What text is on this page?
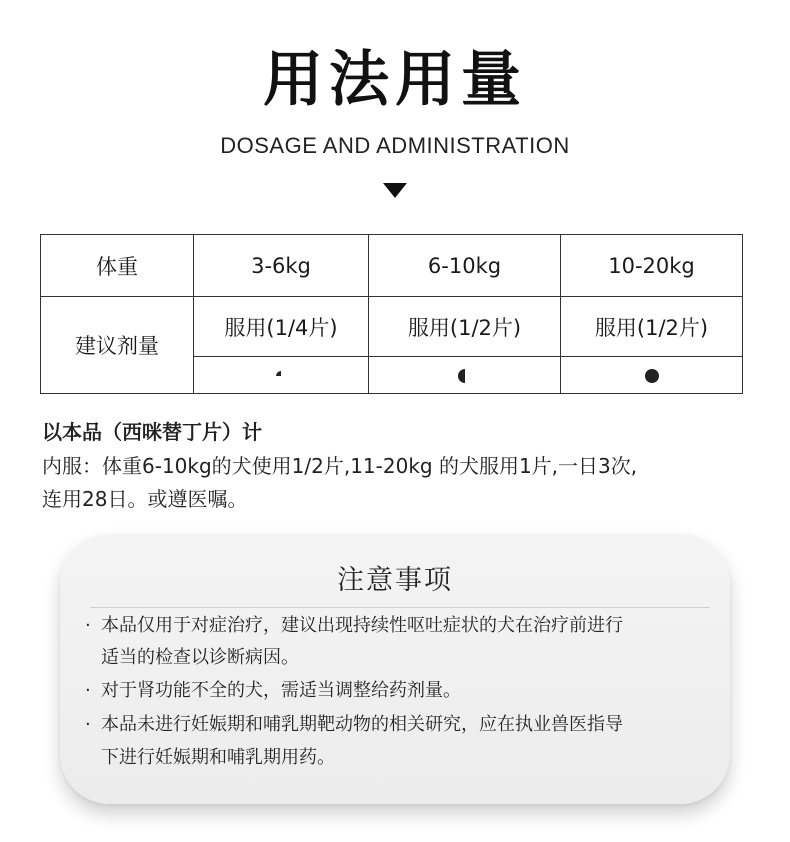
用法用量
DOSAGE AND ADMINISTRATION
体重	3-6kg	6-10kg	10-20kg
建议剂量	服用(1/4片)	服用(1/2片)	服用(1/2片)

以本品（西咪替丁片）计
内服：体重6-10kg的犬使用1/2片,11-20kg 的犬服用1片,一日3次,
连用28日。或遵医嘱。
注意事项
· 本品仅用于对症治疗，建议出现持续性呕吐症状的犬在治疗前进行
适当的检查以诊断病因。
· 对于肾功能不全的犬，需适当调整给药剂量。
· 本品未进行妊娠期和哺乳期靶动物的相关研究，应在执业兽医指导
下进行妊娠期和哺乳期用药。
